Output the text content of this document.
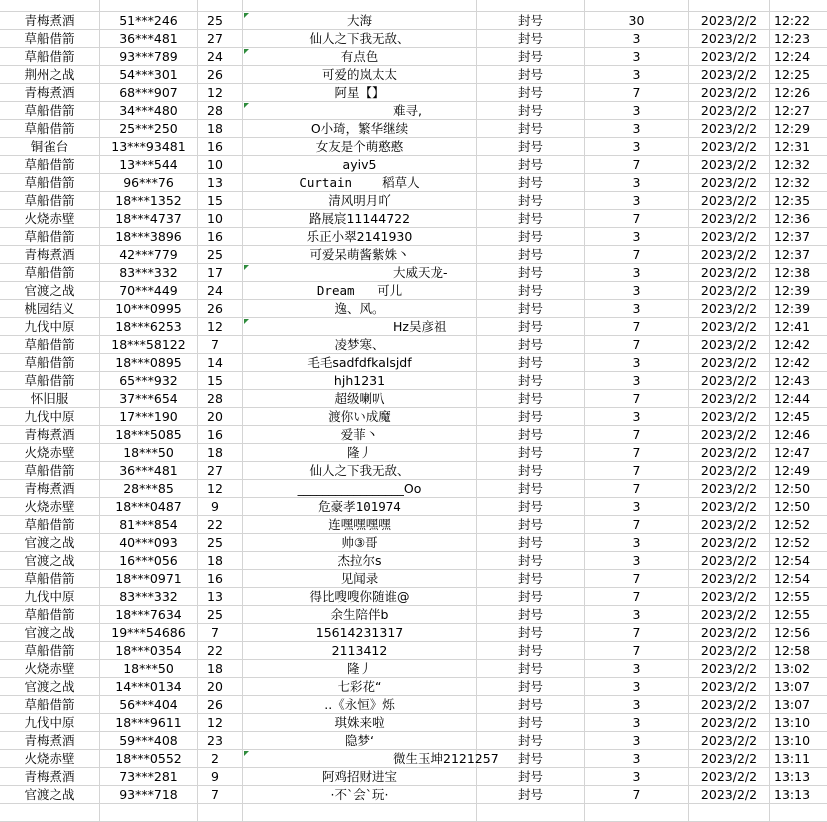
青梅煮酒	51***246	25	大海	封号	30	2023/2/2	12:22
草船借箭	36***481	27	仙人之下我无敌、	封号	3	2023/2/2	12:23
草船借箭	93***789	24	有点色	封号	3	2023/2/2	12:24
荆州之战	54***301	26	可爱的岚太太	封号	3	2023/2/2	12:25
青梅煮酒	68***907	12	阿星【】	封号	7	2023/2/2	12:26
草船借箭	34***480	28	难寻,	封号	3	2023/2/2	12:27
草船借箭	25***250	18	O小琦，繁华继续	封号	3	2023/2/2	12:29
铜雀台	13***93481	16	女友是个萌憨憨	封号	3	2023/2/2	12:31
草船借箭	13***544	10	ayiv5	封号	7	2023/2/2	12:32
草船借箭	96***76	13	Curtain    稻草人	封号	3	2023/2/2	12:32
草船借箭	18***1352	15	清风明月吖	封号	3	2023/2/2	12:35
火烧赤壁	18***4737	10	路展宸11144722	封号	7	2023/2/2	12:36
草船借箭	18***3896	16	乐正小翠2141930	封号	3	2023/2/2	12:37
青梅煮酒	42***779	25	可爱呆萌酱紫姝丶	封号	7	2023/2/2	12:37
草船借箭	83***332	17	大威天龙-	封号	3	2023/2/2	12:38
官渡之战	70***449	24	Dream   可儿	封号	3	2023/2/2	12:39
桃园结义	10***0995	26	逸、风。	封号	3	2023/2/2	12:39
九伐中原	18***6253	12	Hz吴彦祖	封号	7	2023/2/2	12:41
草船借箭	18***58122	7	凌梦寒、	封号	7	2023/2/2	12:42
草船借箭	18***0895	14	毛毛sadfdfkalsjdf	封号	3	2023/2/2	12:42
草船借箭	65***932	15	hjh1231	封号	3	2023/2/2	12:43
怀旧服	37***654	28	超级喇叭	封号	7	2023/2/2	12:44
九伐中原	17***190	20	渡你い成魔	封号	3	2023/2/2	12:45
青梅煮酒	18***5085	16	爱菲丶	封号	7	2023/2/2	12:46
火烧赤壁	18***50	18	隆丿	封号	7	2023/2/2	12:47
草船借箭	36***481	27	仙人之下我无敌、	封号	7	2023/2/2	12:49
青梅煮酒	28***85	12	_________________Oo	封号	7	2023/2/2	12:50
火烧赤壁	18***0487	9	危豪孝101974	封号	3	2023/2/2	12:50
草船借箭	81***854	22	连嘿嘿嘿嘿	封号	7	2023/2/2	12:52
官渡之战	40***093	25	帅③哥	封号	3	2023/2/2	12:52
官渡之战	16***056	18	杰拉尔s	封号	3	2023/2/2	12:54
草船借箭	18***0971	16	见闻录	封号	7	2023/2/2	12:54
九伐中原	83***332	13	得比嗖嗖你随谁@	封号	7	2023/2/2	12:55
草船借箭	18***7634	25	余生陪伴b	封号	3	2023/2/2	12:55
官渡之战	19***54686	7	15614231317	封号	7	2023/2/2	12:56
草船借箭	18***0354	22	2113412	封号	7	2023/2/2	12:58
火烧赤壁	18***50	18	隆丿	封号	3	2023/2/2	13:02
官渡之战	14***0134	20	七彩花“	封号	3	2023/2/2	13:07
草船借箭	56***404	26	..《永恒》烁	封号	3	2023/2/2	13:07
九伐中原	18***9611	12	琪姝来啦	封号	3	2023/2/2	13:10
青梅煮酒	59***408	23	隐梦‘	封号	3	2023/2/2	13:10
火烧赤壁	18***0552	2	微生玉坤2121257	封号	3	2023/2/2	13:11
青梅煮酒	73***281	9	阿鸡招财进宝	封号	3	2023/2/2	13:13
官渡之战	93***718	7	·不`会`玩·	封号	7	2023/2/2	13:13
